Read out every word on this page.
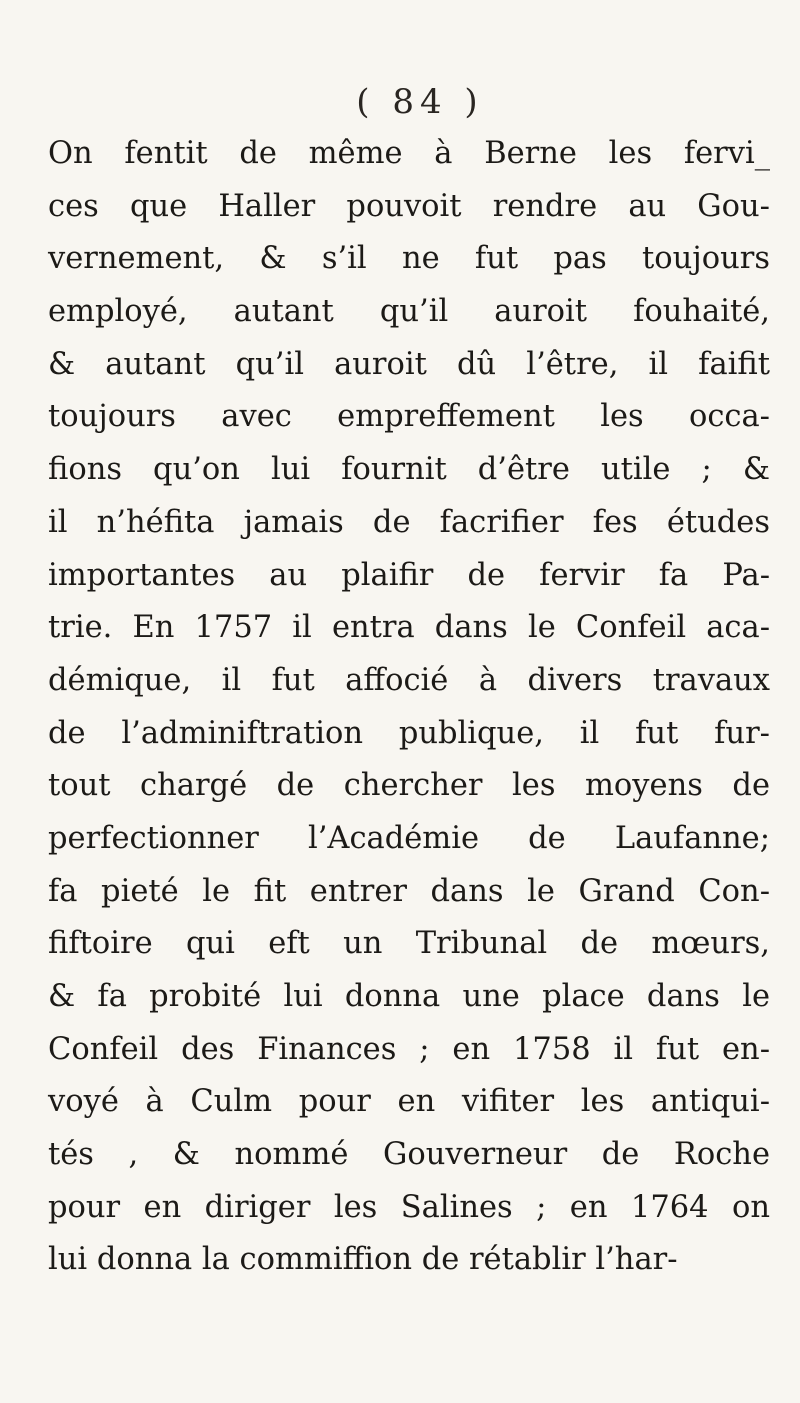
( 84 )
On fentit de même à Berne les fervi_
ces que Haller pouvoit rendre au Gou-
vernement, & s’il ne fut pas toujours
employé, autant qu’il auroit fouhaité,
& autant qu’il auroit dû l’être, il faifit
toujours avec empreffement les occa-
fions qu’on lui fournit d’être utile ; &
il n’héfita jamais de facrifier fes études
importantes au plaifir de fervir fa Pa-
trie. En 1757 il entra dans le Confeil aca-
démique, il fut affocié à divers travaux
de l’adminiftration publique, il fut fur-
tout chargé de chercher les moyens de
perfectionner l’Académie de Laufanne;
fa pieté le fit entrer dans le Grand Con-
fiftoire qui eft un Tribunal de mœurs,
& fa probité lui donna une place dans le
Confeil des Finances ; en 1758 il fut en-
voyé à Culm pour en vifiter les antiqui-
tés , & nommé Gouverneur de Roche
pour en diriger les Salines ; en 1764 on
lui donna la commiffion de rétablir l’har-
